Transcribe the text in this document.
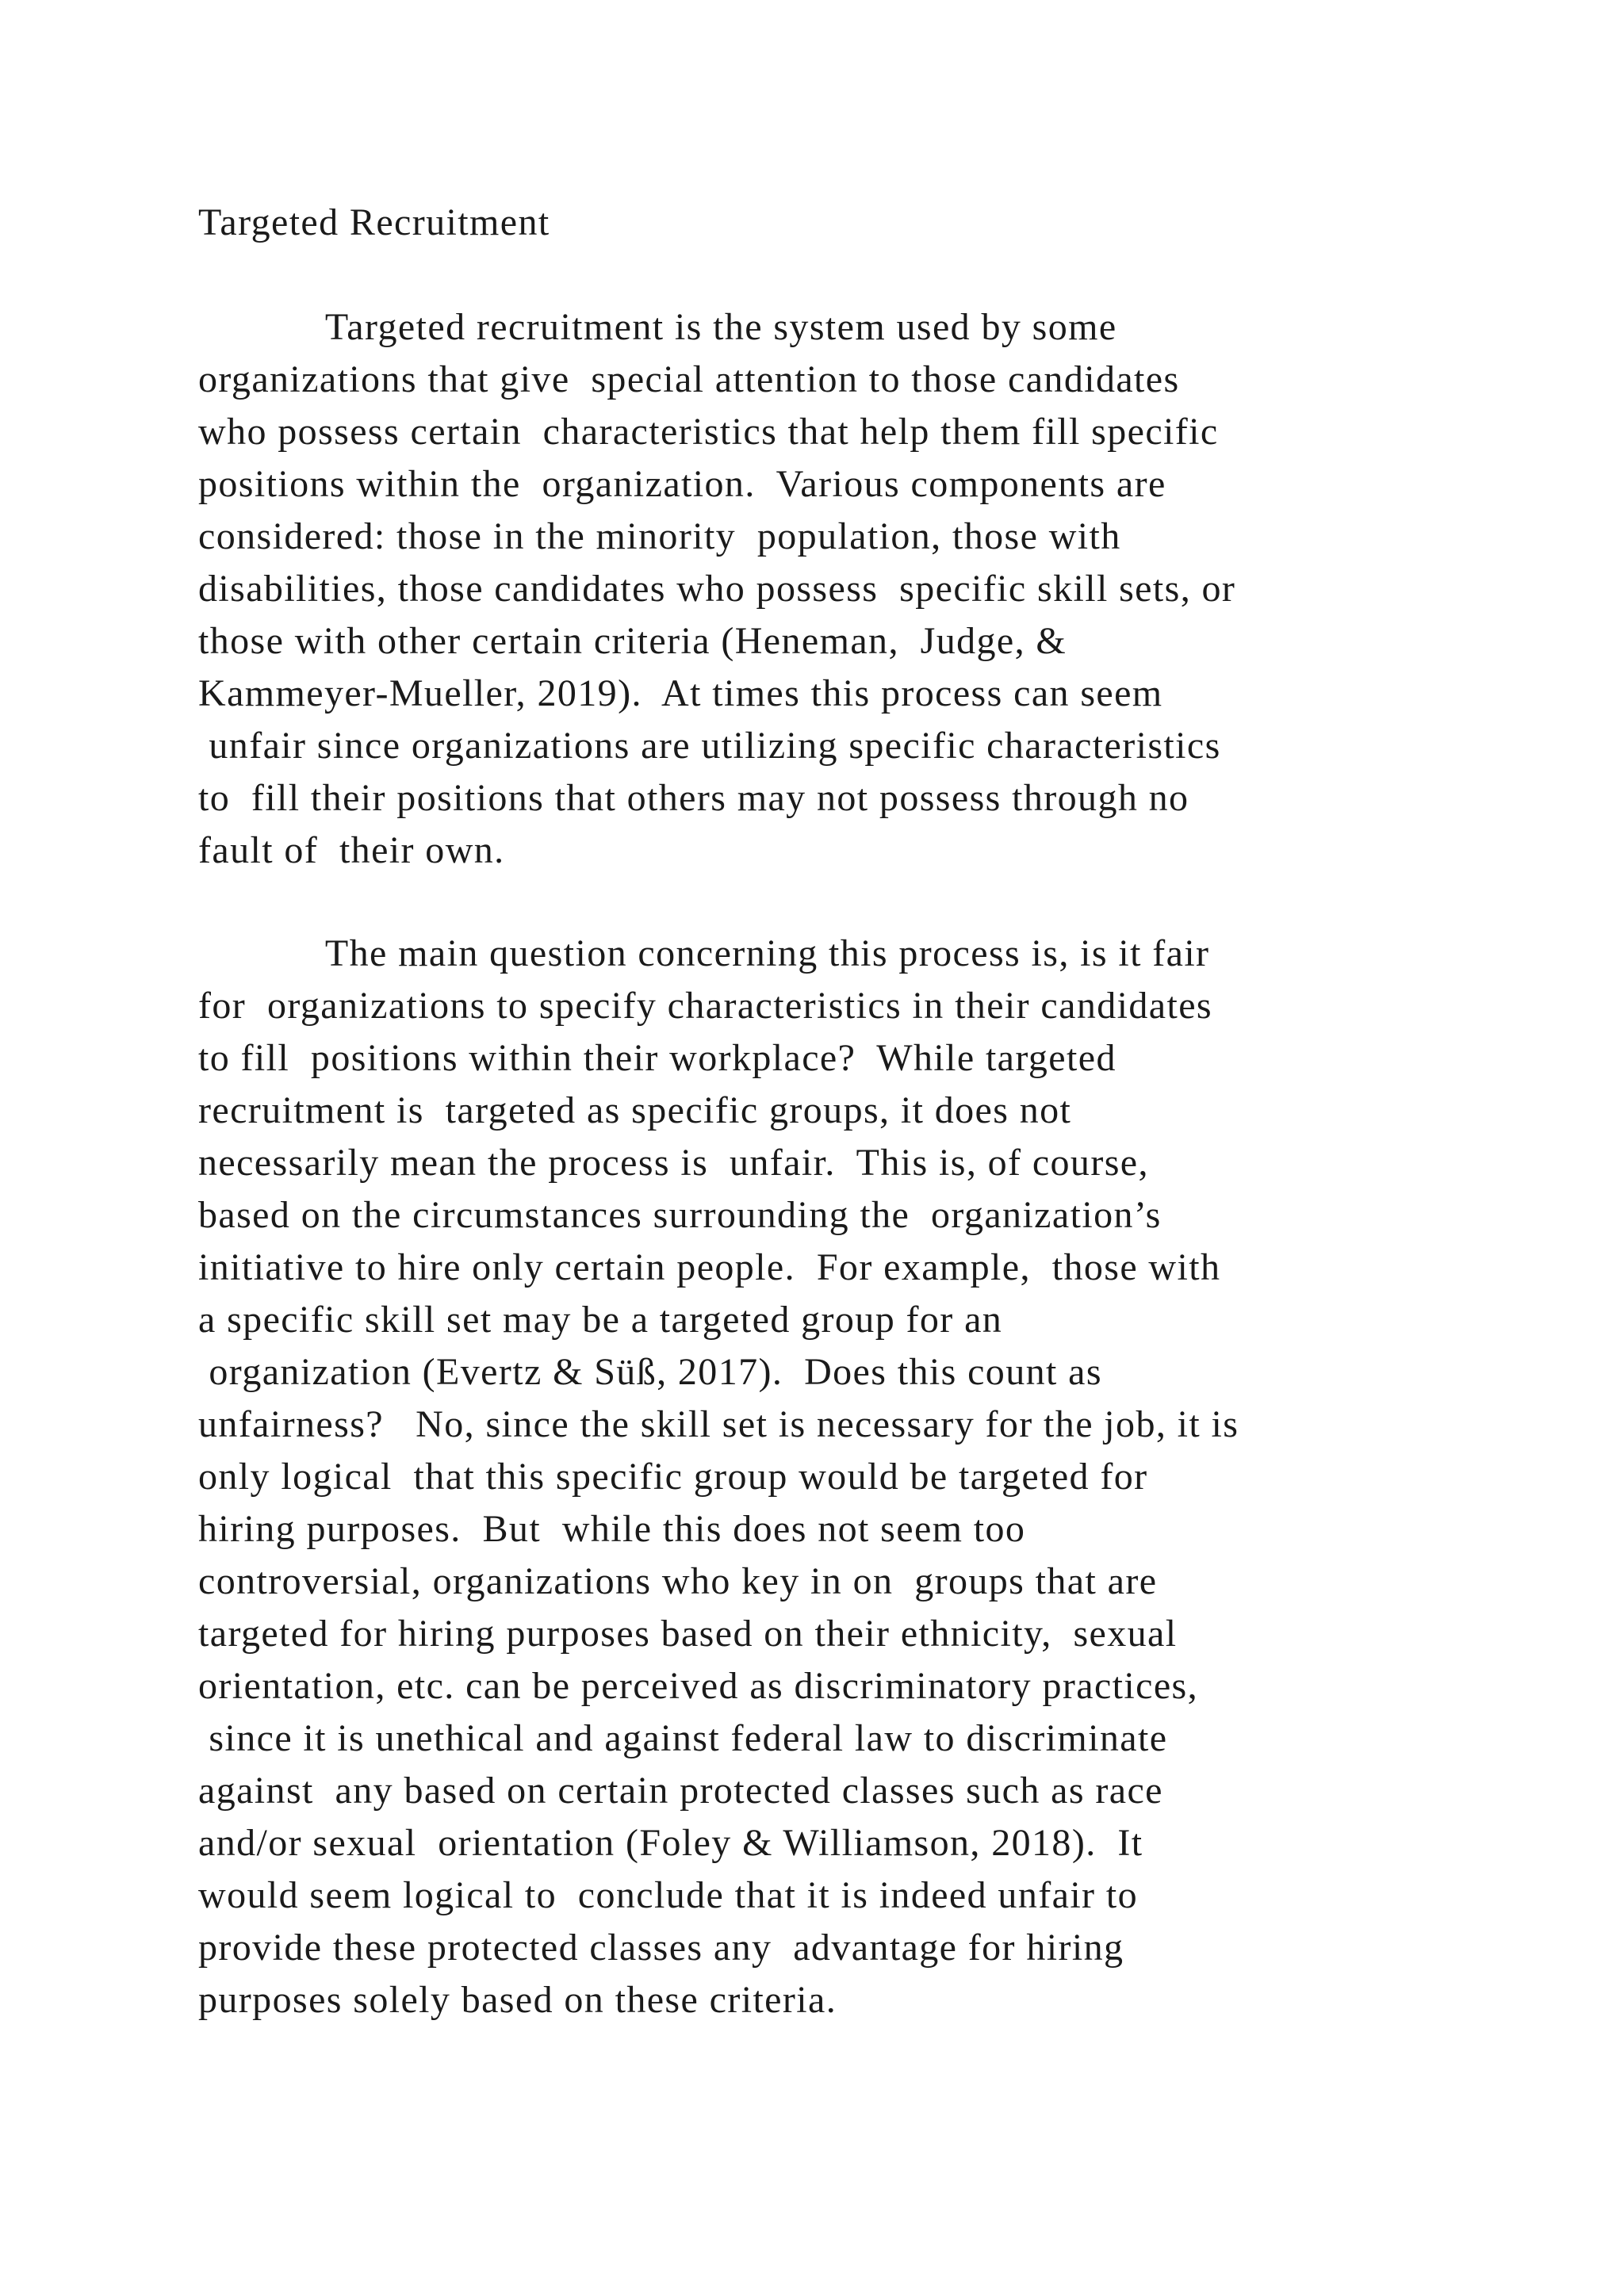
Targeted Recruitment

Targeted recruitment is the system used by some
organizations that give  special attention to those candidates
who possess certain  characteristics that help them fill specific
positions within the  organization.  Various components are
considered: those in the minority  population, those with
disabilities, those candidates who possess  specific skill sets, or
those with other certain criteria (Heneman,  Judge, &
Kammeyer-Mueller, 2019).  At times this process can seem
unfair since organizations are utilizing specific characteristics
to  fill their positions that others may not possess through no
fault of  their own.

The main question concerning this process is, is it fair
for  organizations to specify characteristics in their candidates
to fill  positions within their workplace?  While targeted
recruitment is  targeted as specific groups, it does not
necessarily mean the process is  unfair.  This is, of course,
based on the circumstances surrounding the  organization’s
initiative to hire only certain people.  For example,  those with
a specific skill set may be a targeted group for an
organization (Evertz & Süß, 2017).  Does this count as
unfairness?   No, since the skill set is necessary for the job, it is
only logical  that this specific group would be targeted for
hiring purposes.  But  while this does not seem too
controversial, organizations who key in on  groups that are
targeted for hiring purposes based on their ethnicity,  sexual
orientation, etc. can be perceived as discriminatory practices,
since it is unethical and against federal law to discriminate
against  any based on certain protected classes such as race
and/or sexual  orientation (Foley & Williamson, 2018).  It
would seem logical to  conclude that it is indeed unfair to
provide these protected classes any  advantage for hiring
purposes solely based on these criteria.
